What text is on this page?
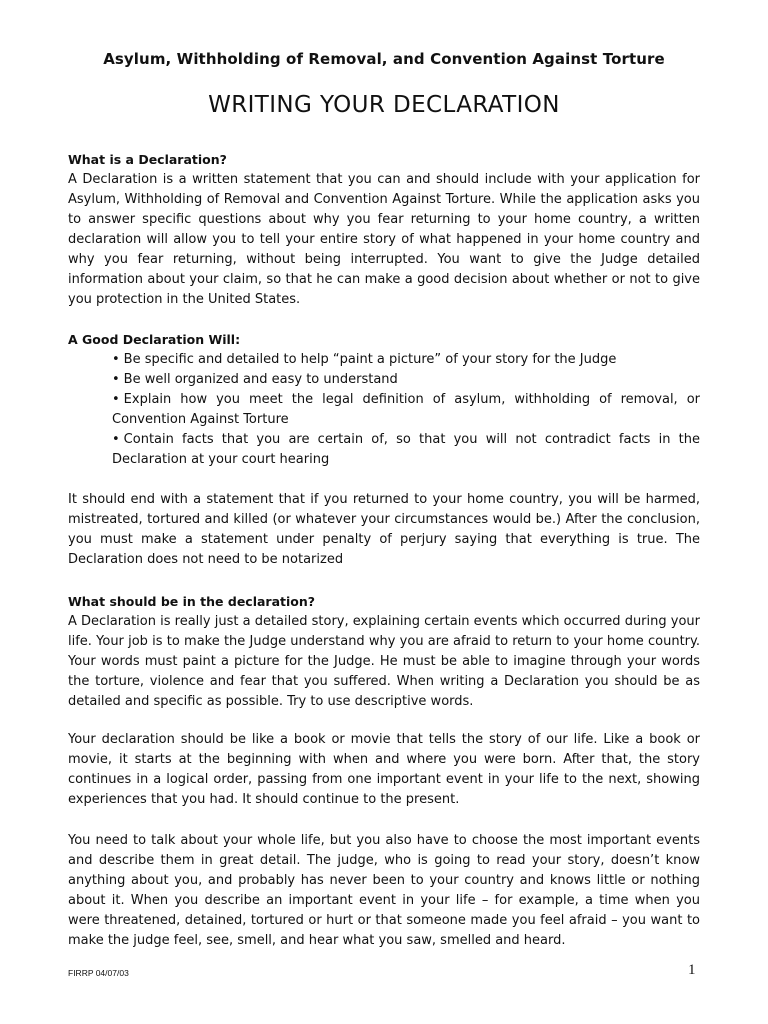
Asylum, Withholding of Removal, and Convention Against Torture
WRITING YOUR DECLARATION
What is a Declaration?
A Declaration is a written statement that you can and should include with your application for Asylum, Withholding of Removal and Convention Against Torture. While the application asks you to answer specific questions about why you fear returning to your home country, a written declaration will allow you to tell your entire story of what happened in your home country and why you fear returning, without being interrupted. You want to give the Judge detailed information about your claim, so that he can make a good decision about whether or not to give you protection in the United States.
A Good Declaration Will:
• Be specific and detailed to help “paint a picture” of your story for the Judge
• Be well organized and easy to understand
• Explain how you meet the legal definition of asylum, withholding of removal, or Convention Against Torture
• Contain facts that you are certain of, so that you will not contradict facts in the Declaration at your court hearing
It should end with a statement that if you returned to your home country, you will be harmed, mistreated, tortured and killed (or whatever your circumstances would be.) After the conclusion, you must make a statement under penalty of perjury saying that everything is true. The Declaration does not need to be notarized
What should be in the declaration?
A Declaration is really just a detailed story, explaining certain events which occurred during your life. Your job is to make the Judge understand why you are afraid to return to your home country. Your words must paint a picture for the Judge. He must be able to imagine through your words the torture, violence and fear that you suffered. When writing a Declaration you should be as detailed and specific as possible. Try to use descriptive words.
Your declaration should be like a book or movie that tells the story of our life. Like a book or movie, it starts at the beginning with when and where you were born. After that, the story continues in a logical order, passing from one important event in your life to the next, showing experiences that you had. It should continue to the present.
You need to talk about your whole life, but you also have to choose the most important events and describe them in great detail. The judge, who is going to read your story, doesn’t know anything about you, and probably has never been to your country and knows little or nothing about it. When you describe an important event in your life – for example, a time when you were threatened, detained, tortured or hurt or that someone made you feel afraid – you want to make the judge feel, see, smell, and hear what you saw, smelled and heard.
FIRRP 04/07/03	1
